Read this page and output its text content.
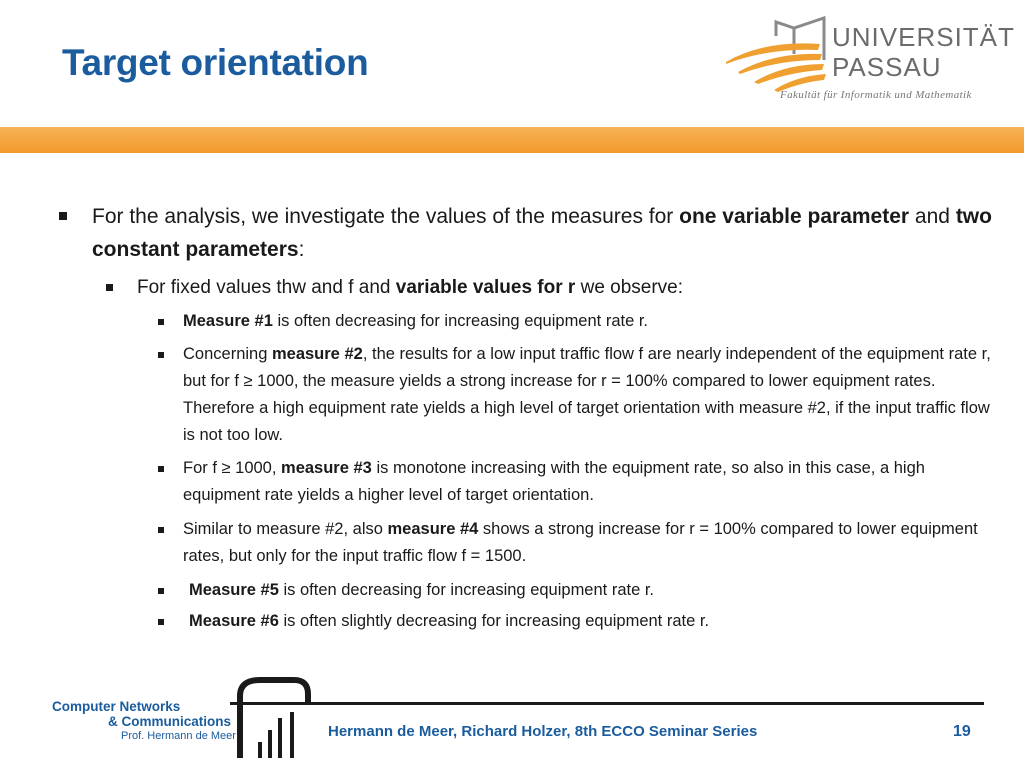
Target orientation
UNIVERSITÄT
PASSAU
Fakultät für Informatik und Mathematik
For the analysis, we investigate the values of the measures for one variable parameter and two constant parameters:
For fixed values thw and f and variable values for r we observe:
Measure #1 is often decreasing for increasing equipment rate r.
Concerning measure #2, the results for a low input traffic flow f are nearly independent of the equipment rate r, but for f ≥ 1000, the measure yields a strong increase for r = 100% compared to lower equipment rates. Therefore a high equipment rate yields a high level of target orientation with measure #2, if the input traffic flow is not too low.
For f ≥ 1000, measure #3 is monotone increasing with the equipment rate, so also in this case, a high equipment rate yields a higher level of target orientation.
Similar to measure #2, also measure #4 shows a strong increase for r = 100% compared to lower equipment rates, but only for the input traffic flow f = 1500.
Measure #5 is often decreasing for increasing equipment rate r.
Measure #6 is often slightly decreasing for increasing equipment rate r.
Computer Networks
& Communications
Prof. Hermann de Meer	Hermann de Meer, Richard Holzer, 8th ECCO Seminar Series	19
